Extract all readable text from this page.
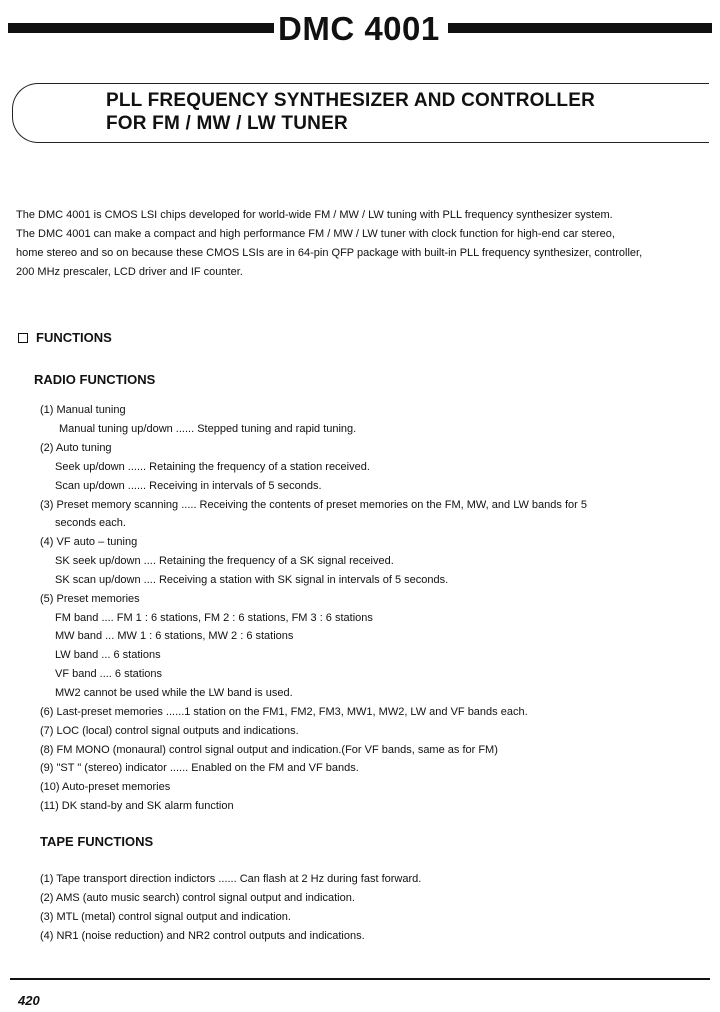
DMC 4001
PLL FREQUENCY SYNTHESIZER AND CONTROLLER
FOR FM / MW / LW TUNER

The DMC 4001 is CMOS LSI chips developed for world-wide FM / MW / LW tuning with PLL frequency synthesizer system.

The DMC 4001 can make a compact and high performance FM / MW / LW tuner with clock function for high-end car stereo,

home stereo and so on because these CMOS LSIs are in 64-pin QFP package with built-in PLL frequency synthesizer, controller,

200 MHz prescaler, LCD driver and IF counter.

FUNCTIONS
RADIO FUNCTIONS
(1) Manual tuning
Manual tuning up/down ...... Stepped tuning and rapid tuning.
(2) Auto tuning
Seek up/down ...... Retaining the frequency of a station received.
Scan up/down ...... Receiving in intervals of 5 seconds.
(3) Preset memory scanning ..... Receiving the contents of preset memories on the FM, MW, and LW bands for 5
seconds each.
(4) VF auto – tuning
SK seek up/down .... Retaining the frequency of a SK signal received.
SK scan up/down .... Receiving a station with SK signal in intervals of 5 seconds.
(5) Preset memories
FM band .... FM 1 : 6 stations, FM 2 : 6 stations, FM 3 : 6 stations
MW band ... MW 1 : 6 stations, MW 2 : 6 stations
LW band ... 6 stations
VF band .... 6 stations
MW2 cannot be used while the LW band is used.
(6) Last-preset memories ......1 station on the FM1, FM2, FM3, MW1, MW2, LW and VF bands each.
(7) LOC (local) control signal outputs and indications.
(8) FM MONO (monaural) control signal output and indication.(For VF bands, same as for FM)
(9) "ST " (stereo) indicator ...... Enabled on the FM and VF bands.
(10) Auto-preset memories
(11) DK stand-by and SK alarm function
TAPE FUNCTIONS
(1) Tape transport direction indictors ...... Can flash at 2 Hz during fast forward.
(2) AMS (auto music search) control signal output and indication.
(3) MTL (metal) control signal output and indication.
(4) NR1 (noise reduction) and NR2 control outputs and indications.
420
